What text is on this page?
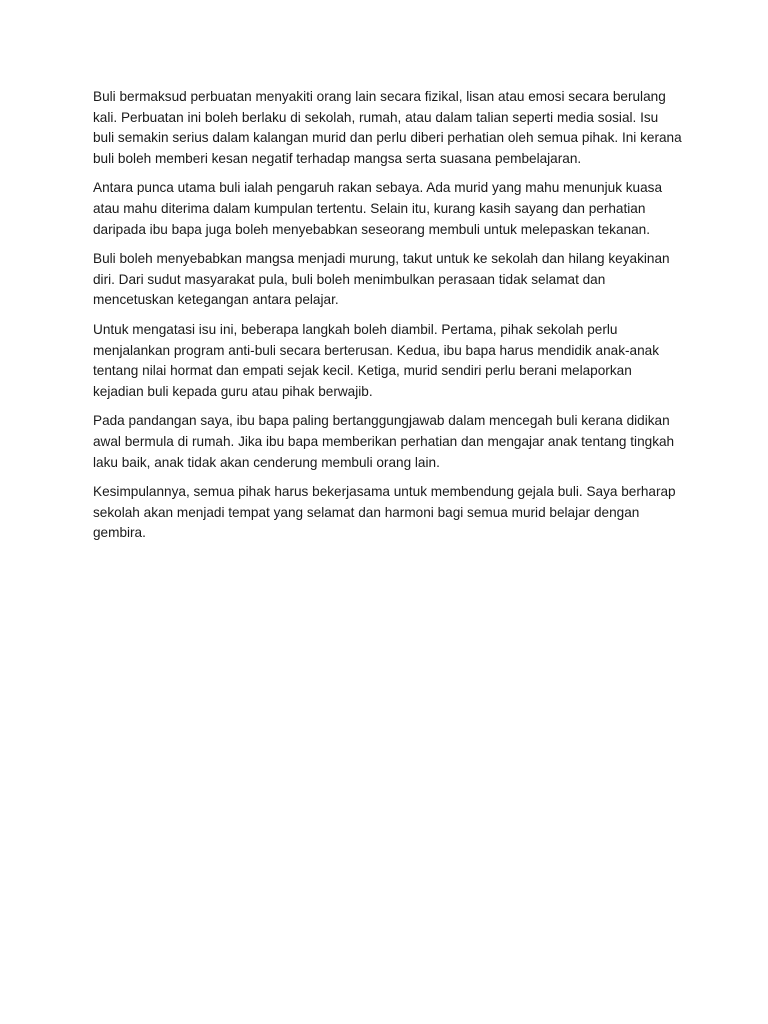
Buli bermaksud perbuatan menyakiti orang lain secara fizikal, lisan atau emosi secara berulang kali. Perbuatan ini boleh berlaku di sekolah, rumah, atau dalam talian seperti media sosial. Isu buli semakin serius dalam kalangan murid dan perlu diberi perhatian oleh semua pihak. Ini kerana buli boleh memberi kesan negatif terhadap mangsa serta suasana pembelajaran.

Antara punca utama buli ialah pengaruh rakan sebaya. Ada murid yang mahu menunjuk kuasa atau mahu diterima dalam kumpulan tertentu. Selain itu, kurang kasih sayang dan perhatian daripada ibu bapa juga boleh menyebabkan seseorang membuli untuk melepaskan tekanan.

Buli boleh menyebabkan mangsa menjadi murung, takut untuk ke sekolah dan hilang keyakinan diri. Dari sudut masyarakat pula, buli boleh menimbulkan perasaan tidak selamat dan mencetuskan ketegangan antara pelajar.

Untuk mengatasi isu ini, beberapa langkah boleh diambil. Pertama, pihak sekolah perlu menjalankan program anti-buli secara berterusan. Kedua, ibu bapa harus mendidik anak-anak tentang nilai hormat dan empati sejak kecil. Ketiga, murid sendiri perlu berani melaporkan kejadian buli kepada guru atau pihak berwajib.

Pada pandangan saya, ibu bapa paling bertanggungjawab dalam mencegah buli kerana didikan awal bermula di rumah. Jika ibu bapa memberikan perhatian dan mengajar anak tentang tingkah laku baik, anak tidak akan cenderung membuli orang lain.

Kesimpulannya, semua pihak harus bekerjasama untuk membendung gejala buli. Saya berharap sekolah akan menjadi tempat yang selamat dan harmoni bagi semua murid belajar dengan gembira.
